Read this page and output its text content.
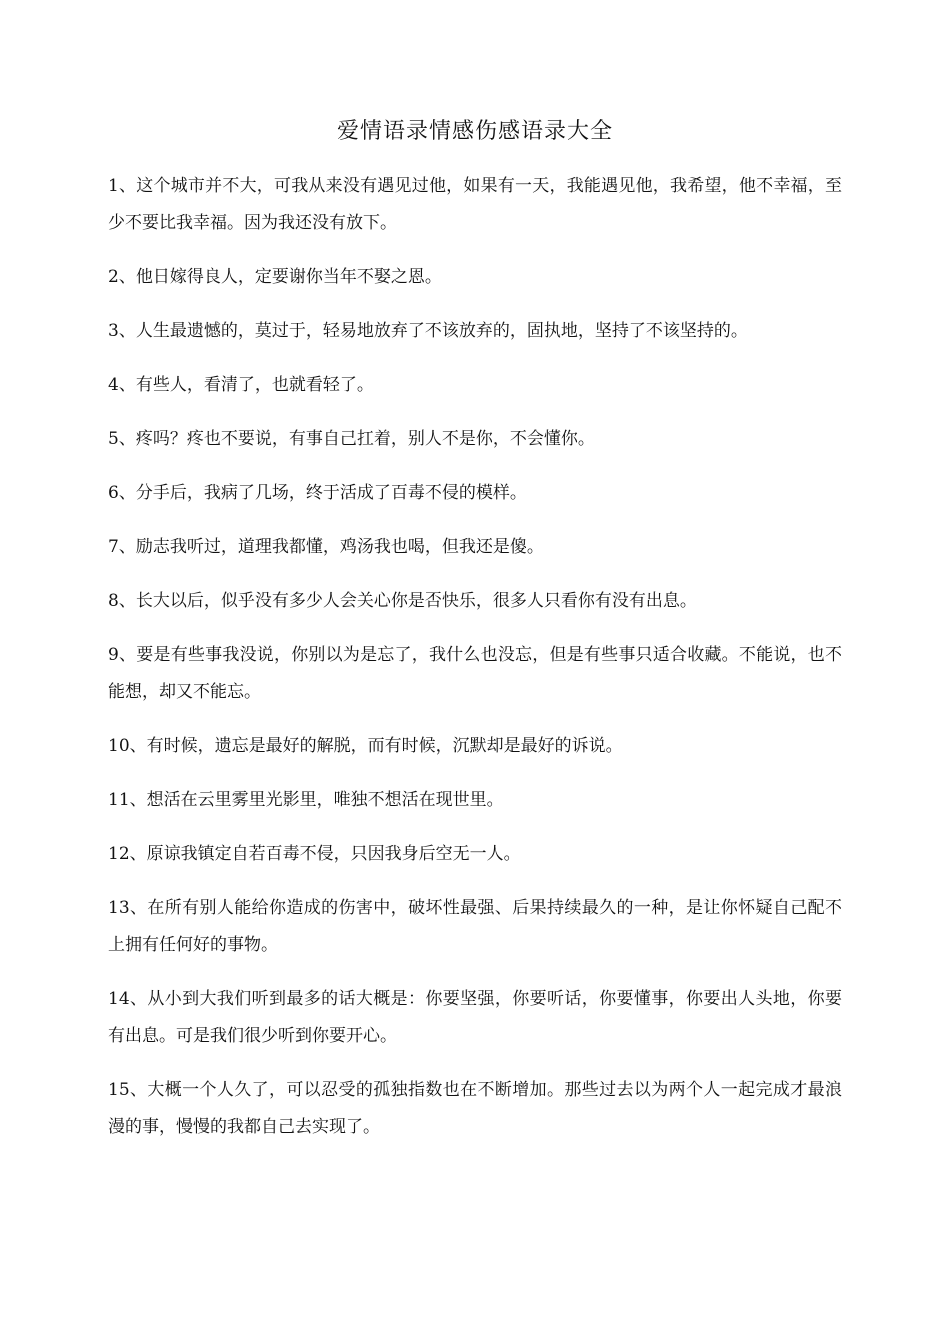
爱情语录情感伤感语录大全

1、这个城市并不大，可我从来没有遇见过他，如果有一天，我能遇见他，我希望，他不幸福，至少不要比我幸福。因为我还没有放下。

2、他日嫁得良人，定要谢你当年不娶之恩。

3、人生最遗憾的，莫过于，轻易地放弃了不该放弃的，固执地，坚持了不该坚持的。

4、有些人，看清了，也就看轻了。

5、疼吗？疼也不要说，有事自己扛着，别人不是你，不会懂你。

6、分手后，我病了几场，终于活成了百毒不侵的模样。

7、励志我听过，道理我都懂，鸡汤我也喝，但我还是傻。

8、长大以后，似乎没有多少人会关心你是否快乐，很多人只看你有没有出息。

9、要是有些事我没说，你别以为是忘了，我什么也没忘，但是有些事只适合收藏。不能说，也不能想，却又不能忘。

10、有时候，遗忘是最好的解脱，而有时候，沉默却是最好的诉说。

11、想活在云里雾里光影里，唯独不想活在现世里。

12、原谅我镇定自若百毒不侵，只因我身后空无一人。

13、在所有别人能给你造成的伤害中，破坏性最强、后果持续最久的一种，是让你怀疑自己配不上拥有任何好的事物。

14、从小到大我们听到最多的话大概是：你要坚强，你要听话，你要懂事，你要出人头地，你要有出息。可是我们很少听到你要开心。

15、大概一个人久了，可以忍受的孤独指数也在不断增加。那些过去以为两个人一起完成才最浪漫的事，慢慢的我都自己去实现了。
